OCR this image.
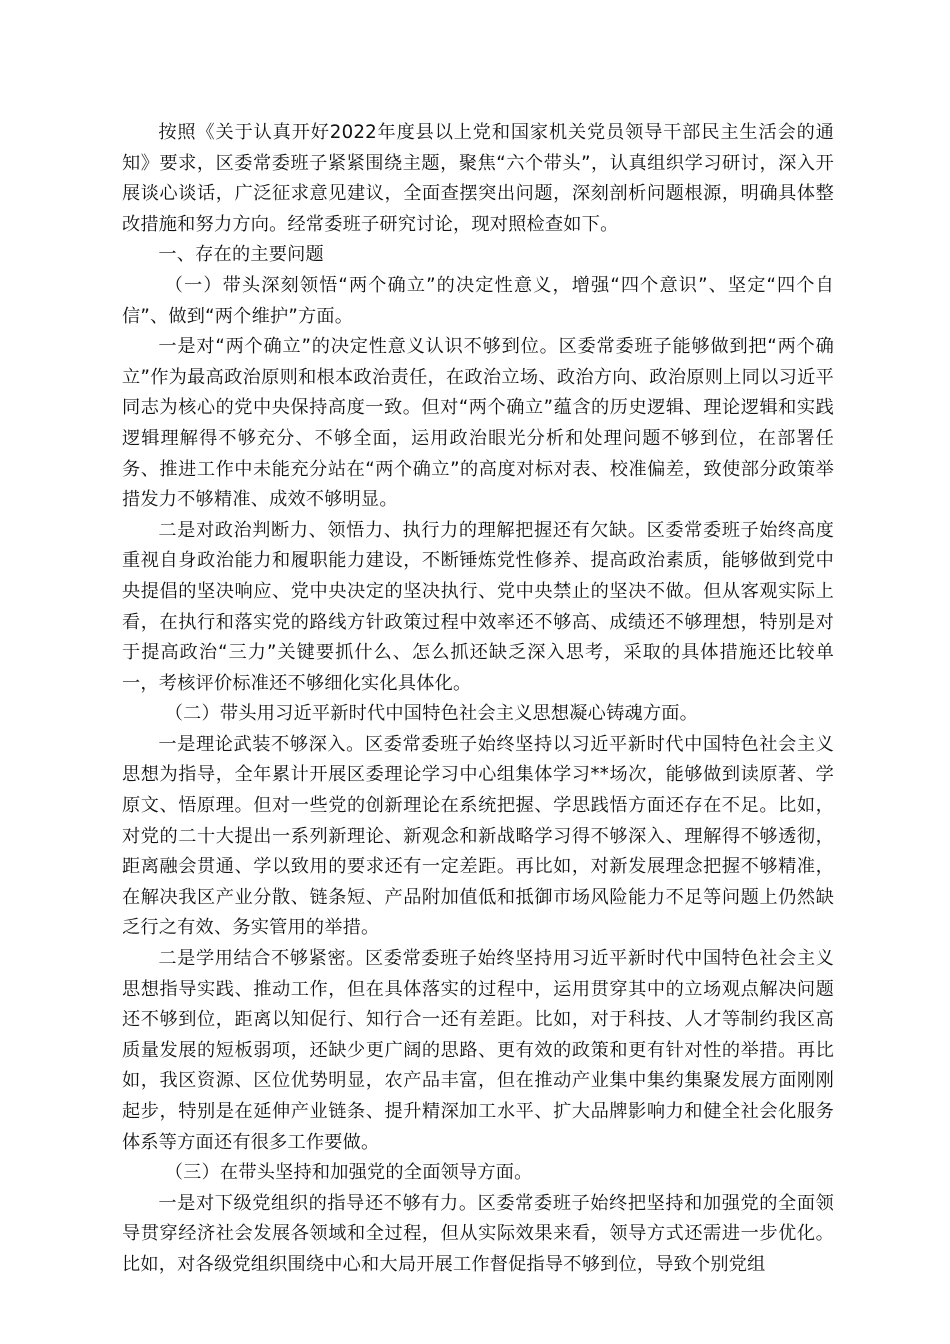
按照《关于认真开好2022年度县以上党和国家机关党员领导干部民主生活会的通知》要求，区委常委班子紧紧围绕主题，聚焦“六个带头”，认真组织学习研讨，深入开展谈心谈话，广泛征求意见建议，全面查摆突出问题，深刻剖析问题根源，明确具体整改措施和努力方向。经常委班子研究讨论，现对照检查如下。

一、存在的主要问题

（一）带头深刻领悟“两个确立”的决定性意义，增强“四个意识”、坚定“四个自信”、做到“两个维护”方面。

一是对“两个确立”的决定性意义认识不够到位。区委常委班子能够做到把“两个确立”作为最高政治原则和根本政治责任，在政治立场、政治方向、政治原则上同以习近平同志为核心的党中央保持高度一致。但对“两个确立”蕴含的历史逻辑、理论逻辑和实践逻辑理解得不够充分、不够全面，运用政治眼光分析和处理问题不够到位，在部署任务、推进工作中未能充分站在“两个确立”的高度对标对表、校准偏差，致使部分政策举措发力不够精准、成效不够明显。

二是对政治判断力、领悟力、执行力的理解把握还有欠缺。区委常委班子始终高度重视自身政治能力和履职能力建设，不断锤炼党性修养、提高政治素质，能够做到党中央提倡的坚决响应、党中央决定的坚决执行、党中央禁止的坚决不做。但从客观实际上看，在执行和落实党的路线方针政策过程中效率还不够高、成绩还不够理想，特别是对于提高政治“三力”关键要抓什么、怎么抓还缺乏深入思考，采取的具体措施还比较单一，考核评价标准还不够细化实化具体化。

（二）带头用习近平新时代中国特色社会主义思想凝心铸魂方面。

一是理论武装不够深入。区委常委班子始终坚持以习近平新时代中国特色社会主义思想为指导，全年累计开展区委理论学习中心组集体学习**场次，能够做到读原著、学原文、悟原理。但对一些党的创新理论在系统把握、学思践悟方面还存在不足。比如，对党的二十大提出一系列新理论、新观念和新战略学习得不够深入、理解得不够透彻，距离融会贯通、学以致用的要求还有一定差距。再比如，对新发展理念把握不够精准，在解决我区产业分散、链条短、产品附加值低和抵御市场风险能力不足等问题上仍然缺乏行之有效、务实管用的举措。

二是学用结合不够紧密。区委常委班子始终坚持用习近平新时代中国特色社会主义思想指导实践、推动工作，但在具体落实的过程中，运用贯穿其中的立场观点解决问题还不够到位，距离以知促行、知行合一还有差距。比如，对于科技、人才等制约我区高质量发展的短板弱项，还缺少更广阔的思路、更有效的政策和更有针对性的举措。再比如，我区资源、区位优势明显，农产品丰富，但在推动产业集中集约集聚发展方面刚刚起步，特别是在延伸产业链条、提升精深加工水平、扩大品牌影响力和健全社会化服务体系等方面还有很多工作要做。

（三）在带头坚持和加强党的全面领导方面。

一是对下级党组织的指导还不够有力。区委常委班子始终把坚持和加强党的全面领导贯穿经济社会发展各领域和全过程，但从实际效果来看，领导方式还需进一步优化。比如，对各级党组织围绕中心和大局开展工作督促指导不够到位，导致个别党组
